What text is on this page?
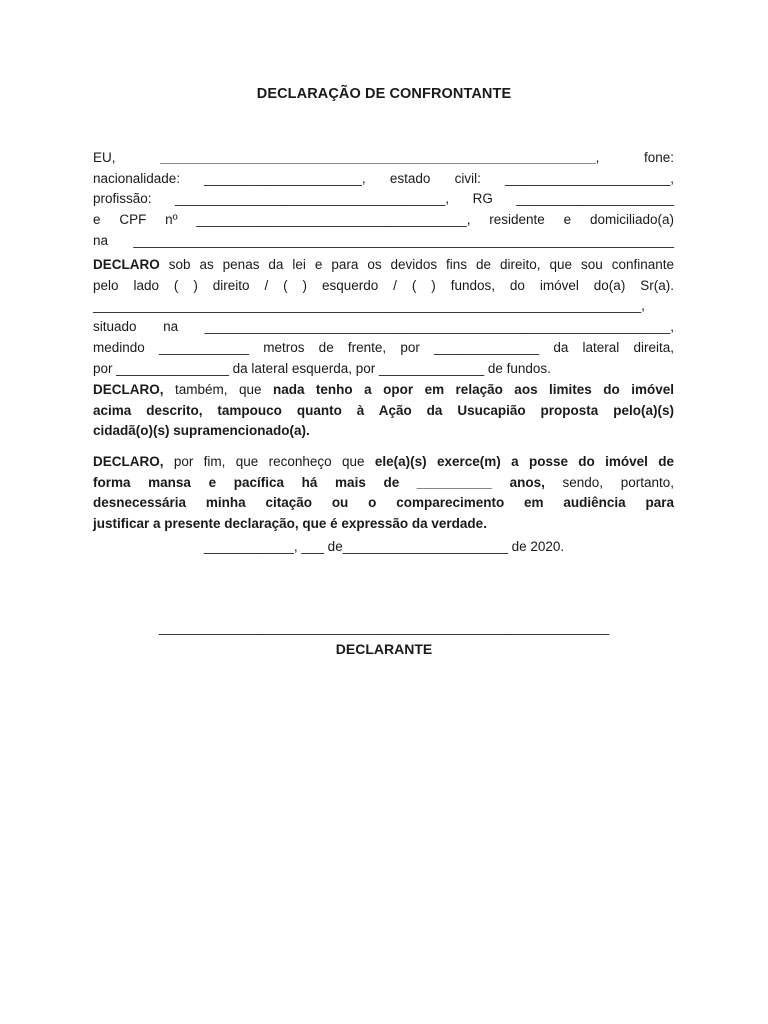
DECLARAÇÃO DE CONFRONTANTE
EU,	__________________________________________________________,	fone:
nacionalidade: _____________________, estado civil: ______________________,
profissão: ____________________________________, RG _____________________
e CPF nº ____________________________________, residente e domiciliado(a)
na ________________________________________________________________________
DECLARO sob as penas da lei e para os devidos fins de direito, que sou confinante
pelo lado ( ) direito / ( ) esquerdo / ( ) fundos, do imóvel do(a) Sr(a).
_________________________________________________________________________,
situado na ______________________________________________________________,
medindo ____________ metros de frente, por ______________ da lateral direita,
por _______________ da lateral esquerda, por ______________ de fundos.
DECLARO, também, que nada tenho a opor em relação aos limites do imóvel
acima descrito, tampouco quanto à Ação da Usucapião proposta pelo(a)(s)
cidadã(o)(s) supramencionado(a).
DECLARO, por fim, que reconheço que ele(a)(s) exerce(m) a posse do imóvel de
forma mansa e pacífica há mais de __________ anos, sendo, portanto,
desnecessária minha citação ou o comparecimento em audiência para
justificar a presente declaração, que é expressão da verdade.
____________, ___ de______________________ de 2020.
____________________________________________________________
DECLARANTE
